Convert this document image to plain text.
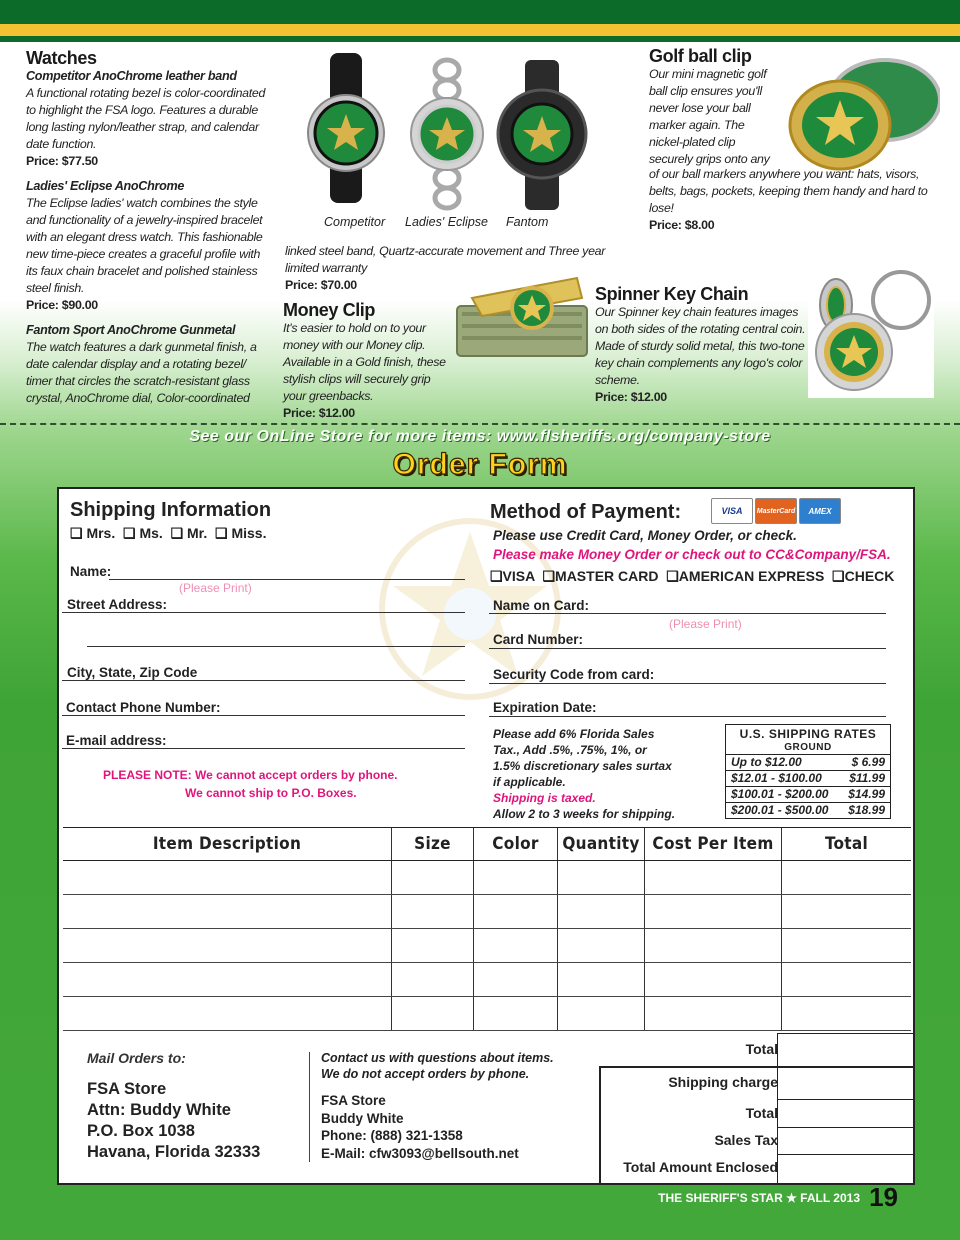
Watches
Competitor AnoChrome leather band

A functional rotating bezel is color-coordinated to highlight the FSA logo. Features a durable long lasting nylon/leather strap, and calendar date function.

Price: $77.50
Ladies' Eclipse AnoChrome

The Eclipse ladies' watch combines the style and functionality of a jewelry-inspired bracelet with an elegant dress watch. This fashionable new time-piece creates a graceful profile with its faux chain bracelet and polished stainless steel finish.

Price: $90.00
Fantom Sport AnoChrome Gunmetal

The watch features a dark gunmetal finish, a date calendar display and a rotating bezel/ timer that circles the scratch-resistant glass crystal, AnoChrome dial, Color-coordinated

Competitor Ladies' Eclipse Fantom

linked steel band, Quartz-accurate movement and Three year limited warranty

Price: $70.00
Golf ball clip

Our mini magnetic golf ball clip ensures you'll never lose your ball marker again. The nickel-plated clip securely grips onto any

of our ball markers anywhere you want: hats, visors, belts, bags, pockets, keeping them handy and hard to lose!

Price: $8.00
Money Clip

It's easier to hold on to your money with our Money clip. Available in a Gold finish, these stylish clips will securely grip your greenbacks.

Price: $12.00
Spinner Key Chain

Our Spinner key chain features images on both sides of the rotating central coin. Made of sturdy solid metal, this two-tone key chain complements any logo's color scheme.

Price: $12.00
See our OnLine Store for more items: www.flsheriffs.org/company-store
Order Form
Shipping Information
❑ Mrs.  ❑ Ms.  ❑ Mr.  ❑ Miss.
Name:
(Please Print)
Street Address:
City, State, Zip Code
Contact Phone Number:
E-mail address:
PLEASE NOTE: We cannot accept orders by phone.
We cannot ship to P.O. Boxes.
Method of Payment:	VISA	MasterCard	AMEX
Please use Credit Card, Money Order, or check.
Please make Money Order or check out to CC&Company/FSA.
❑VISA  ❑MASTER CARD  ❑AMERICAN EXPRESS  ❑CHECK
Name on Card:
(Please Print)
Card Number:
Security Code from card:
Expiration Date:
Please add 6% Florida Sales
Tax., Add .5%, .75%, 1%, or
1.5% discretionary sales surtax
if applicable.
Shipping is taxed.
Allow 2 to 3 weeks for shipping.
U.S. SHIPPING RATES
GROUND
Up to $12.00	$ 6.99
$12.01 - $100.00 $11.99
$100.01 - $200.00 $14.99
$200.01 - $500.00 $18.99
Item Description	Size	Color	Quantity Cost Per Item	Total
Mail Orders to:
FSA Store
Attn: Buddy White
P.O. Box 1038
Havana, Florida 32333
Contact us with questions about items.
We do not accept orders by phone.
FSA Store
Buddy White
Phone: (888) 321-1358
E-Mail: cfw3093@bellsouth.net
Total
Shipping charge
Total
Sales Tax
Total Amount Enclosed
THE SHERIFF'S STAR ★ FALL 2013 19
